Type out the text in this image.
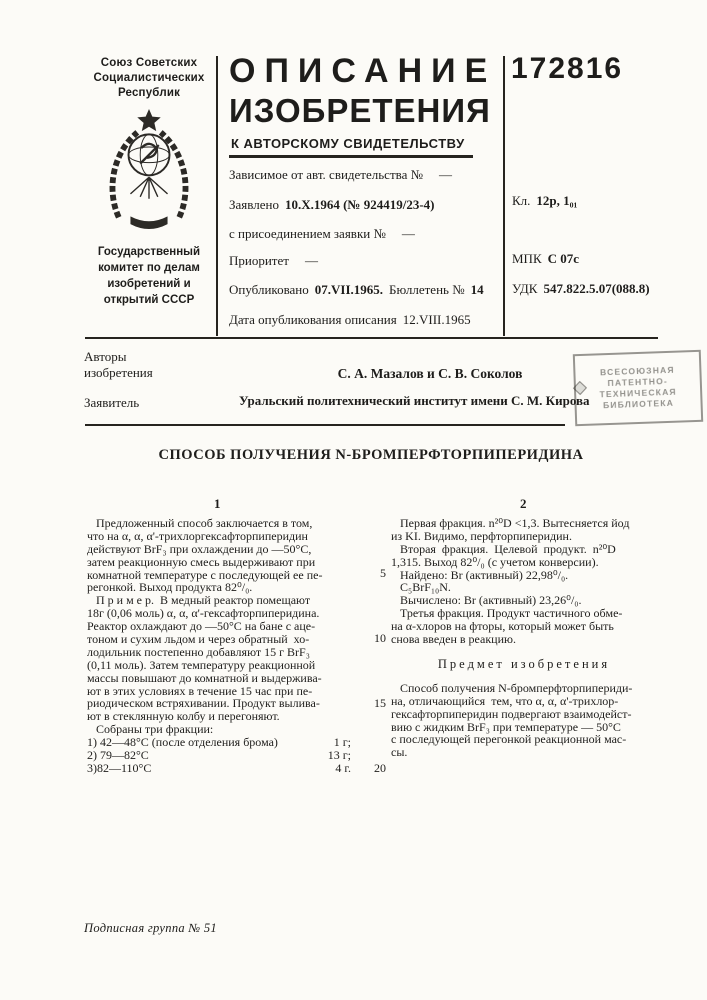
Союз Советских Социалистических Республик
Государственный комитет по делам изобретений и открытий СССР
ОПИСАНИЕ
ИЗОБРЕТЕНИЯ
К АВТОРСКОМУ СВИДЕТЕЛЬСТВУ
Зависимое от авт. свидетельства № —
Заявлено 10.X.1964 (№ 924419/23-4)
с присоединением заявки № —
Приоритет —
Опубликовано 07.VII.1965. Бюллетень № 14
Дата опубликования описания 12.VIII.1965
172816
Кл. 12p, 1₀₁
МПК C 07c
УДК 547.822.5.07(088.8)
Авторы изобретения	С. А. Мазалов и С. В. Соколов
Заявитель	Уральский политехнический институт имени С. М. Кирова
ВСЕСОЮЗНАЯ
ПАТЕНТНО-
ТЕХНИЧЕСКАЯ
БИБЛИОТЕКА
СПОСОБ ПОЛУЧЕНИЯ N-БРОМПЕРФТОРПИПЕРИДИНА
1	2
Предложенный способ заключается в том,
что на α, α, α'-трихлоргексафторпиперидин
действуют BrF₃ при охлаждении до —50°С,
затем реакционную смесь выдерживают при
комнатной температуре с последующей ее пе-
регонкой. Выход продукта 82⁰/₀.
П р и м е р.  В медный реактор помещают
18г (0,06 моль) α, α, α'-гексафторпиперидина.
Реактор охлаждают до —50°С на бане с аце-
тоном и сухим льдом и через обратный  хо-
лодильник постепенно добавляют 15 г BrF₃
(0,11 моль). Затем температуру реакционной
массы повышают до комнатной и выдержива-
ют в этих условиях в течение 15 час при пе-
риодическом встряхивании. Продукт вылива-
ют в стеклянную колбу и перегоняют.
Собраны три фракции:
1) 42—48°С (после отделения брома)	1 г;
2) 79—82°С	13 г;
3)82—110°С	4 г.
Первая фракция. n²⁰D <1,3. Вытесняется йод
из KI. Видимо, перфторпиперидин.
Вторая  фракция.  Целевой  продукт.  n²⁰D
1,315. Выход 82⁰/₀ (с учетом конверсии).
Найдено: Br (активный) 22,98⁰/₀.
C₅BrF₁₀N.
Вычислено: Br (активный) 23,26⁰/₀.
Третья фракция. Продукт частичного обме-
на α-хлоров на фторы, который может быть
снова введен в реакцию.
Предмет изобретения
Способ получения N-бромперфторпипериди-
на, отличающийся  тем, что α, α, α'-трихлор-
гексафторпиперидин подвергают взаимодейст-
вию с жидким BrF₃ при температуре — 50°С
с последующей перегонкой реакционной мас-
сы.
5
10
15
20
Подписная группа № 51
